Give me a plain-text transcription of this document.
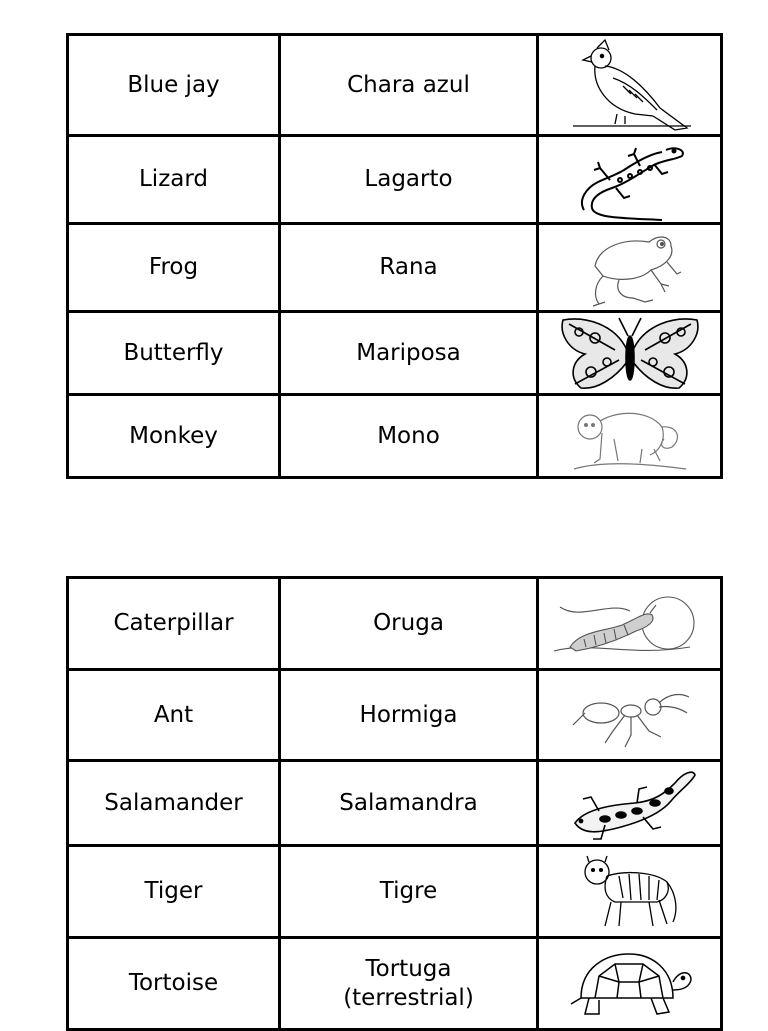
Blue jay	Chara azul	

Lizard	Lagarto	

Frog	Rana	

Butterfly	Mariposa	

Monkey	Mono	
Caterpillar	Oruga	

Ant	Hormiga	

Salamander	Salamandra	

Tiger	Tigre	

Tortoise	Tortuga
(terrestrial)
